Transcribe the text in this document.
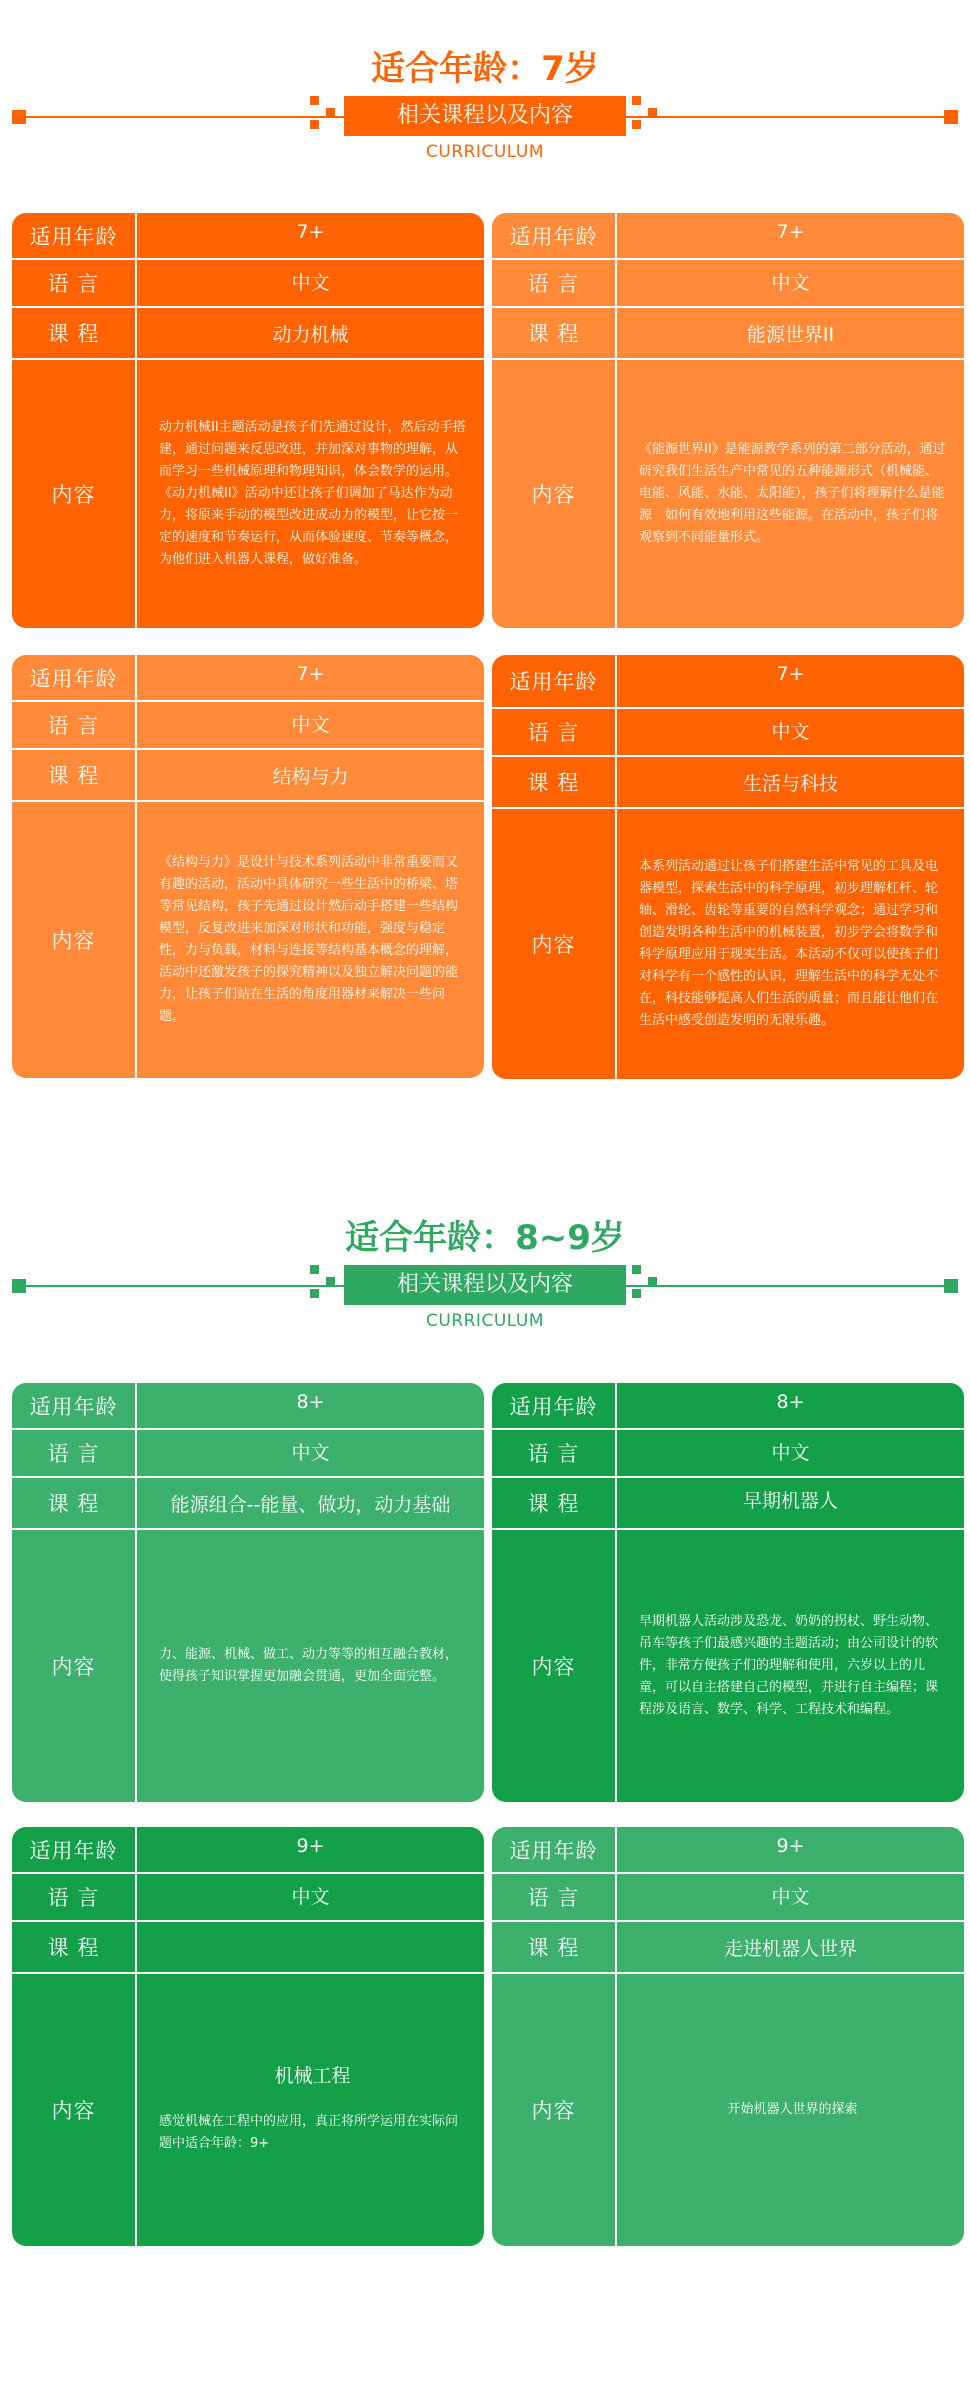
适合年龄：7岁
相关课程以及内容
CURRICULUM
适用年龄	7+
语 言	中文
课 程	动力机械
内容
动力机械II主题活动是孩子们先通过设计，然后动手搭建，通过问题来反思改进，并加深对事物的理解，从而学习一些机械原理和物理知识，体会数学的运用。《动力机械II》活动中还让孩子们调加了马达作为动力，将原来手动的模型改进成动力的模型，让它按一定的速度和节奏运行，从而体验速度、节奏等概念，为他们进入机器人课程，做好准备。
适用年龄	7+
语 言	中文
课 程	能源世界II
内容
《能源世界II》是能源教学系列的第二部分活动，通过研究我们生活生产中常见的五种能源形式（机械能、电能、风能、水能、太阳能），孩子们将理解什么是能源　如何有效地利用这些能源。在活动中，孩子们将观察到不同能量形式。
适用年龄	7+
语 言	中文
课 程	结构与力
内容
《结构与力》是设计与技术系列活动中非常重要而又有趣的活动，活动中具体研究一些生活中的桥梁、塔等常见结构，孩子先通过设计然后动手搭建一些结构模型，反复改进来加深对形状和功能，强度与稳定性，力与负载，材料与连接等结构基本概念的理解，活动中还激发孩子的探究精神以及独立解决问题的能力，让孩子们站在生活的角度用器材来解决一些问题。
适用年龄	7+
语 言	中文
课 程	生活与科技
内容
本系列活动通过让孩子们搭建生活中常见的工具及电器模型，探索生活中的科学原理，初步理解杠杆、轮轴、滑轮、齿轮等重要的自然科学观念；通过学习和创造发明各种生活中的机械装置，初步学会将数学和科学原理应用于现实生活。本活动不仅可以使孩子们对科学有一个感性的认识，理解生活中的科学无处不在，科技能够提高人们生活的质量；而且能让他们在生活中感受创造发明的无限乐趣。
适合年龄：8~9岁
相关课程以及内容
CURRICULUM
适用年龄	8+
语 言	中文
课 程	能源组合--能量、做功，动力基础
内容
力、能源、机械、做工、动力等等的相互融合教材，使得孩子知识掌握更加融会贯通，更加全面完整。
适用年龄	8+
语 言	中文
课 程	早期机器人
内容
早期机器人活动涉及恐龙、奶奶的拐杖、野生动物、吊车等孩子们最感兴趣的主题活动；由公司设计的软件，非常方便孩子们的理解和使用，六岁以上的儿童，可以自主搭建自己的模型，并进行自主编程；课程涉及语言、数学、科学、工程技术和编程。
适用年龄	9+
语 言	中文
课 程
内容
机械工程
感觉机械在工程中的应用，真正将所学运用在实际问题中适合年龄：9+
适用年龄	9+
语 言	中文
课 程	走进机器人世界
内容	开始机器人世界的探索
